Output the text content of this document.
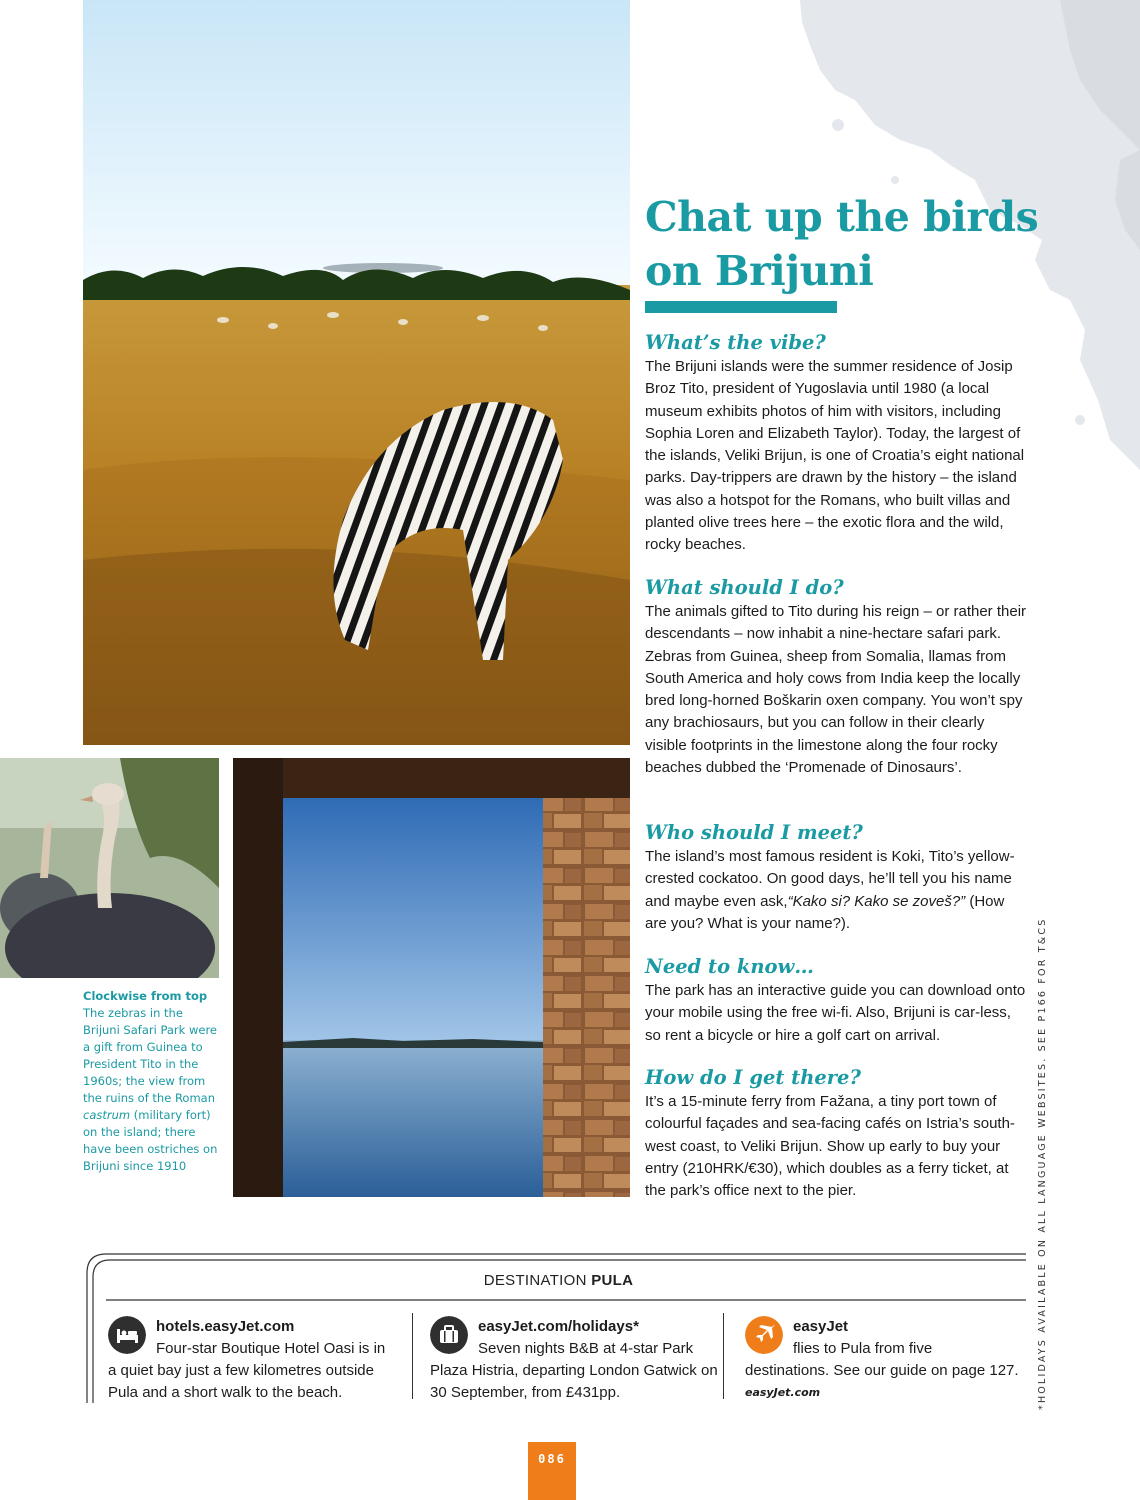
Clockwise from top The zebras in the Brijuni Safari Park were a gift from Guinea to President Tito in the 1960s; the view from the ruins of the Roman castrum (military fort) on the island; there have been ostriches on Brijuni since 1910
Chat up the birds
on Brijuni
What’s the vibe?

The Brijuni islands were the summer residence of Josip Broz Tito, president of Yugoslavia until 1980 (a local museum exhibits photos of him with visitors, including Sophia Loren and Elizabeth Taylor). Today, the largest of the islands, Veliki Brijun, is one of Croatia’s eight national parks. Day-trippers are drawn by the history – the island was also a hotspot for the Romans, who built villas and planted olive trees here – the exotic flora and the wild, rocky beaches.

What should I do?

The animals gifted to Tito during his reign – or rather their descendants – now inhabit a nine-hectare safari park. Zebras from Guinea, sheep from Somalia, llamas from South America and holy cows from India keep the locally bred long-horned Boškarin oxen company. You won’t spy any brachiosaurs, but you can follow in their clearly visible footprints in the limestone along the four rocky beaches dubbed the ‘Promenade of Dinosaurs’.

Who should I meet?

The island’s most famous resident is Koki, Tito’s yellow-crested cockatoo. On good days, he’ll tell you his name and maybe even ask,“Kako si? Kako se zoveš?” (How are you? What is your name?).

Need to know…

The park has an interactive guide you can download onto your mobile using the free wi-fi. Also, Brijuni is car-less, so rent a bicycle or hire a golf cart on arrival.

How do I get there?

It’s a 15-minute ferry from Fažana, a tiny port town of colourful façades and sea-facing cafés on Istria’s south-west coast, to Veliki Brijun. Show up early to buy your entry (210HRK/€30), which doubles as a ferry ticket, at the park’s office next to the pier.	*HOLIDAYS AVAILABLE ON ALL LANGUAGE WEBSITES. SEE P166 FOR T&CS
DESTINATION PULA
hotels.easyJet.com
Four-star Boutique Hotel Oasi is in
a quiet bay just a few kilometres outside Pula and a short walk to the beach.
easyJet.com/holidays*
Seven nights B&B at 4-star Park
Plaza Histria, departing London Gatwick on 30 September, from £431pp.
easyJet
flies to Pula from five
destinations. See our guide on page 127.
easyJet.com
086
